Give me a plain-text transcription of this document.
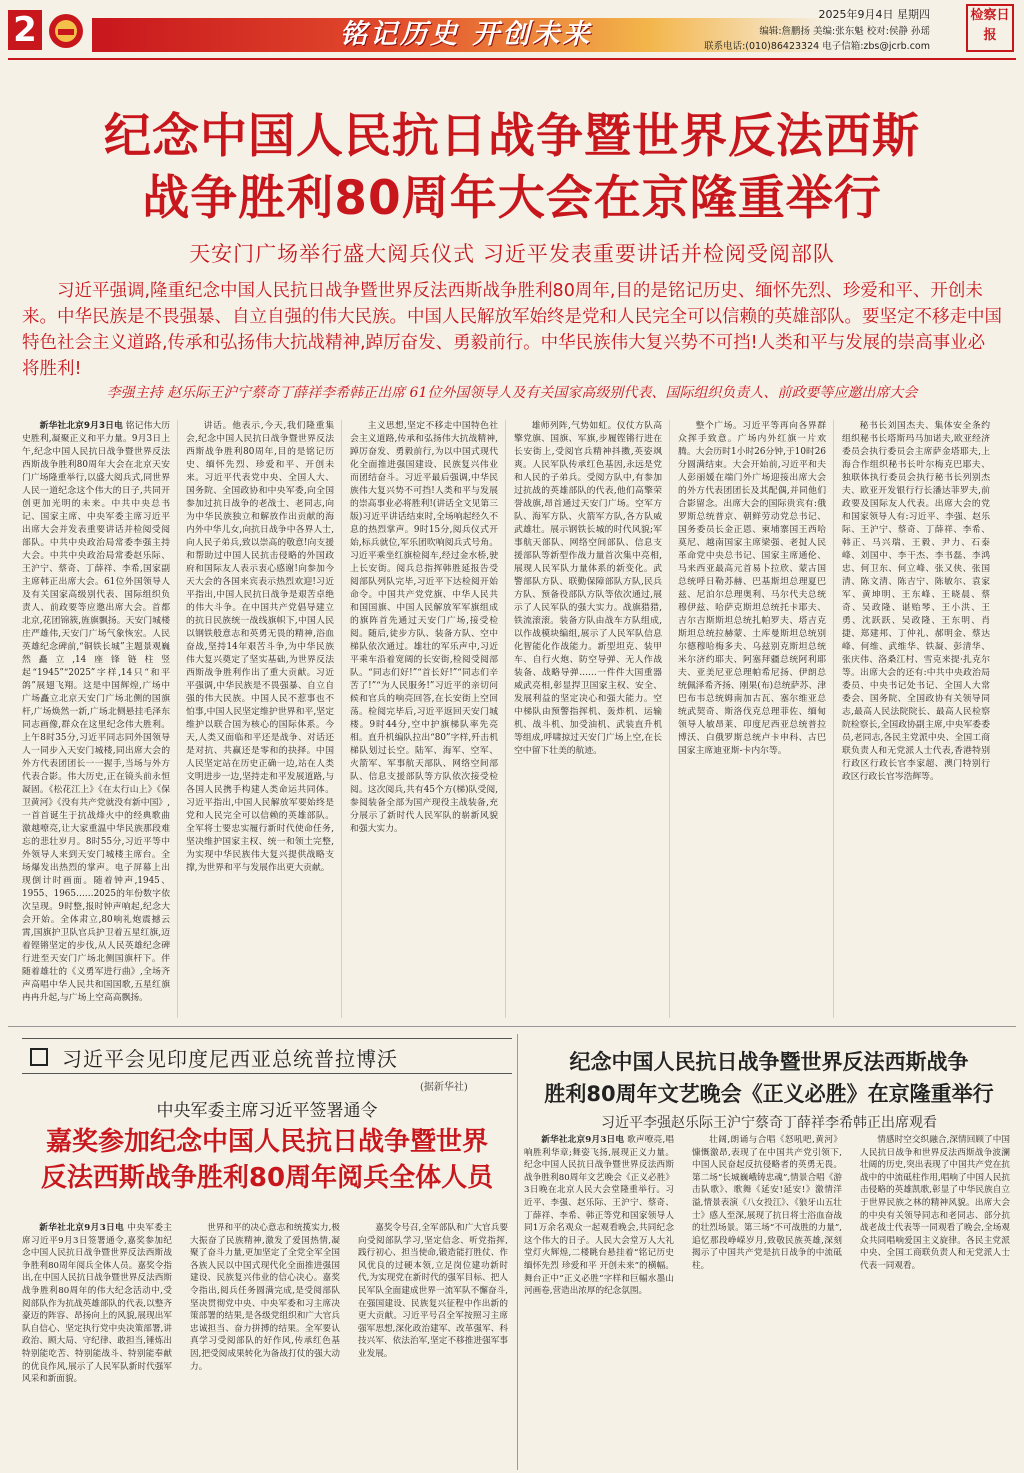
2	铭记历史 开创未来
2025年9月4日 星期四
编辑:詹鹏扬 美编:张东魁 校对:侯静 孙瑶
联系电话:(010)86423324 电子信箱:zbs@jcrb.com
检察日报
纪念中国人民抗日战争暨世界反法西斯
战争胜利80周年大会在京隆重举行
天安门广场举行盛大阅兵仪式 习近平发表重要讲话并检阅受阅部队

习近平强调,隆重纪念中国人民抗日战争暨世界反法西斯战争胜利80周年,目的是铭记历史、缅怀先烈、珍爱和平、开创未来。中华民族是不畏强暴、自立自强的伟大民族。中国人民解放军始终是党和人民完全可以信赖的英雄部队。要坚定不移走中国特色社会主义道路,传承和弘扬伟大抗战精神,踔厉奋发、勇毅前行。中华民族伟大复兴势不可挡!人类和平与发展的崇高事业必将胜利!

李强主持 赵乐际王沪宁蔡奇丁薛祥李希韩正出席 61位外国领导人及有关国家高级别代表、国际组织负责人、前政要等应邀出席大会

新华社北京9月3日电 铭记伟大历史胜利,凝聚正义和平力量。9月3日上午,纪念中国人民抗日战争暨世界反法西斯战争胜利80周年大会在北京天安门广场隆重举行,以盛大阅兵式,同世界人民一道纪念这个伟大的日子,共同开创更加光明的未来。中共中央总书记、国家主席、中央军委主席习近平出席大会并发表重要讲话并检阅受阅部队。中共中央政治局常委李强主持大会。中共中央政治局常委赵乐际、王沪宁、蔡奇、丁薛祥、李希,国家副主席韩正出席大会。61位外国领导人及有关国家高级别代表、国际组织负责人、前政要等应邀出席大会。首都北京,花团锦簇,旌旗飘扬。天安门城楼庄严雄伟,天安门广场气象恢宏。人民英雄纪念碑前,“铜铁长城”主题景观巍然矗立,14座锋链柱竖起“1945”“2025”字样,14只“和平鸽”展翅飞翔。这是中国辉煌,广场中广场矗立北京天安门广场北侧的国旗杆,广场焕然一新,广场北侧悬挂毛泽东同志画像,群众在这里纪念伟大胜利。上午8时35分,习近平同志同外国领导人一同步入天安门城楼,同出席大会的外方代表团团长一一握手,当场与外方代表合影。伟大历史,正在镜头前永恒凝固。《松花江上》《在太行山上》《保卫黄河》《没有共产党就没有新中国》,一首首诞生于抗战烽火中的经典歌曲激越嘹亮,让大家重温中华民族那段难忘的悲壮岁月。8时55分,习近平等中外领导人来到天安门城楼主席台。全场爆发出热烈的掌声。电子屏幕上出现倒计时画面。随着钟声,1945、1955、1965……2025的年份数字依次呈现。9时整,报时钟声响起,纪念大会开始。全体肃立,80响礼炮震撼云霄,国旗护卫队官兵护卫着五星红旗,迈着铿锵坚定的步伐,从人民英雄纪念碑行进至天安门广场北侧国旗杆下。伴随着雄壮的《义勇军进行曲》,全场齐声高唱中华人民共和国国歌,五星红旗冉冉升起,与广场上空高高飘扬。

讲话。他表示,今天,我们隆重集会,纪念中国人民抗日战争暨世界反法西斯战争胜利80周年,目的是铭记历史、缅怀先烈、珍爱和平、开创未来。习近平代表党中央、全国人大、国务院、全国政协和中央军委,向全国参加过抗日战争的老战士、老同志,向为中华民族独立和解放作出贡献的海内外中华儿女,向抗日战争中各界人士,向人民子弟兵,致以崇高的敬意!向支援和帮助过中国人民抗击侵略的外国政府和国际友人表示衷心感谢!向参加今天大会的各国来宾表示热烈欢迎!习近平指出,中国人民抗日战争是艰苦卓绝的伟大斗争。在中国共产党倡导建立的抗日民族统一战线旗帜下,中国人民以钢铁般意志和英勇无畏的精神,浴血奋战,坚持14年艰苦斗争,为中华民族伟大复兴奠定了坚实基础,为世界反法西斯战争胜利作出了重大贡献。习近平强调,中华民族是不畏强暴、自立自强的伟大民族。中国人民不惹事也不怕事,中国人民坚定维护世界和平,坚定维护以联合国为核心的国际体系。今天,人类又面临和平还是战争、对话还是对抗、共赢还是零和的抉择。中国人民坚定站在历史正确一边,站在人类文明进步一边,坚持走和平发展道路,与各国人民携手构建人类命运共同体。习近平指出,中国人民解放军要始终是党和人民完全可以信赖的英雄部队。全军将士要忠实履行新时代使命任务,坚决维护国家主权、统一和领土完整,为实现中华民族伟大复兴提供战略支撑,为世界和平与发展作出更大贡献。

主义思想,坚定不移走中国特色社会主义道路,传承和弘扬伟大抗战精神,踔厉奋发、勇毅前行,为以中国式现代化全面推进强国建设、民族复兴伟业而团结奋斗。习近平最后强调,中华民族伟大复兴势不可挡!人类和平与发展的崇高事业必将胜利!(讲话全文见第三版)习近平讲话结束时,全场响起经久不息的热烈掌声。9时15分,阅兵仪式开始,标兵就位,军乐团吹响阅兵式号角。习近平乘坐红旗检阅车,经过金水桥,驶上长安街。阅兵总指挥韩胜延报告受阅部队列队完毕,习近平下达检阅开始命令。中国共产党党旗、中华人民共和国国旗、中国人民解放军军旗组成的旗阵首先通过天安门广场,接受检阅。随后,徒步方队、装备方队、空中梯队依次通过。雄壮的军乐声中,习近平乘车沿着宽阔的长安街,检阅受阅部队。“同志们好!”“首长好!”“同志们辛苦了!”“为人民服务!”习近平的亲切问候和官兵的响亮回答,在长安街上空回荡。检阅完毕后,习近平返回天安门城楼。9时44分,空中护旗梯队率先亮相。直升机编队拉出“80”字样,歼击机梯队划过长空。陆军、海军、空军、火箭军、军事航天部队、网络空间部队、信息支援部队等方队依次接受检阅。这次阅兵,共有45个方(梯)队受阅,参阅装备全部为国产现役主战装备,充分展示了新时代人民军队的崭新风貌和强大实力。

雄师列阵,气势如虹。仪仗方队高擎党旗、国旗、军旗,步履铿锵行进在长安街上,受阅官兵精神抖擞,英姿飒爽。人民军队传承红色基因,永远是党和人民的子弟兵。受阅方队中,有参加过抗战的英雄部队的代表,他们高擎荣誉战旗,昂首通过天安门广场。空军方队、海军方队、火箭军方队,各方队威武雄壮。展示钢铁长城的时代风貌;军事航天部队、网络空间部队、信息支援部队等新型作战力量首次集中亮相,展现人民军队力量体系的新变化。武警部队方队、联勤保障部队方队,民兵方队、预备役部队方队等依次通过,展示了人民军队的强大实力。战旗猎猎,铁流滚滚。装备方队由战车方队组成,以作战模块编组,展示了人民军队信息化智能化作战能力。新型坦克、装甲车、自行火炮、防空导弹、无人作战装备、战略导弹……一件件大国重器威武亮相,彰显捍卫国家主权、安全、发展利益的坚定决心和强大能力。空中梯队由预警指挥机、轰炸机、运输机、战斗机、加受油机、武装直升机等组成,呼啸掠过天安门广场上空,在长空中留下壮美的航迹。

整个广场。习近平等再向各界群众挥手致意。广场内外红旗一片欢腾。大会历时1小时26分钟,于10时26分圆满结束。大会开始前,习近平和夫人彭丽媛在端门外广场迎接出席大会的外方代表团团长及其配偶,并同他们合影留念。出席大会的国际贵宾有:俄罗斯总统普京、朝鲜劳动党总书记、国务委员长金正恩、柬埔寨国王西哈莫尼、越南国家主席梁强、老挝人民革命党中央总书记、国家主席通伦、马来西亚最高元首易卜拉欣、蒙古国总统呼日勒苏赫、巴基斯坦总理夏巴兹、尼泊尔总理奥利、马尔代夫总统穆伊兹、哈萨克斯坦总统托卡耶夫、吉尔吉斯斯坦总统扎帕罗夫、塔吉克斯坦总统拉赫蒙、土库曼斯坦总统别尔德穆哈梅多夫、乌兹别克斯坦总统米尔济约耶夫、阿塞拜疆总统阿利耶夫、亚美尼亚总理帕希尼扬、伊朗总统佩泽希齐扬、刚果(布)总统萨苏、津巴布韦总统姆南加古瓦、塞尔维亚总统武契奇、斯洛伐克总理菲佐、缅甸领导人敏昂莱、印度尼西亚总统普拉博沃、白俄罗斯总统卢卡申科、古巴国家主席迪亚斯-卡内尔等。

秘书长刘国杰夫、集体安全条约组织秘书长塔斯玛马加诺夫,欧亚经济委员会执行委员会主席萨金塔耶夫,上海合作组织秘书长叶尔梅克巴耶夫、独联体执行委员会执行秘书长列别杰夫、欧亚开发银行行长潘达菲罗夫,前政要及国际友人代表。出席大会的党和国家领导人有:习近平、李强、赵乐际、王沪宁、蔡奇、丁薛祥、李希、韩正、马兴瑞、王毅、尹力、石泰峰、刘国中、李干杰、李书磊、李鸿忠、何卫东、何立峰、张又侠、张国清、陈文清、陈吉宁、陈敏尔、袁家军、黄坤明、王东峰、王晓晨、蔡奇、吴政隆、谌贻琴、王小洪、王勇、沈跃跃、吴政隆、王东明、肖捷、郑建邦、丁仲礼、郝明金、蔡达峰、何维、武维华、铁凝、彭清华、张庆伟、洛桑江村、雪克来提·扎克尔等。出席大会的还有:中共中央政治局委员、中央书记处书记、全国人大常委会、国务院、全国政协有关领导同志,最高人民法院院长、最高人民检察院检察长,全国政协副主席,中央军委委员,老同志,各民主党派中央、全国工商联负责人和无党派人士代表,香港特别行政区行政长官李家超、澳门特别行政区行政长官岑浩辉等。

习近平会见印度尼西亚总统普拉博沃
(据新华社)
中央军委主席习近平签署通令
嘉奖参加纪念中国人民抗日战争暨世界
反法西斯战争胜利80周年阅兵全体人员

新华社北京9月3日电 中央军委主席习近平9月3日签署通令,嘉奖参加纪念中国人民抗日战争暨世界反法西斯战争胜利80周年阅兵全体人员。嘉奖令指出,在中国人民抗日战争暨世界反法西斯战争胜利80周年的伟大纪念活动中,受阅部队作为抗战英雄部队的代表,以整齐豪迈的阵容、昂扬向上的风貌,展现出军队自信心、坚定执行党中央决策部署,讲政治、顾大局、守纪律、敢担当,锤炼出特别能吃苦、特别能战斗、特别能奉献的优良作风,展示了人民军队新时代强军风采和新面貌。

世界和平的决心意志和统揽实力,极大振奋了民族精神,激发了爱国热情,凝聚了奋斗力量,更加坚定了全党全军全国各族人民以中国式现代化全面推进强国建设、民族复兴伟业的信心决心。嘉奖令指出,阅兵任务圆满完成,是受阅部队坚决贯彻党中央、中央军委和习主席决策部署的结果,是各级党组织和广大官兵忠诚担当、奋力拼搏的结果。全军要认真学习受阅部队的好作风,传承红色基因,把受阅成果转化为备战打仗的强大动力。

嘉奖令号召,全军部队和广大官兵要向受阅部队学习,坚定信念、听党指挥,践行初心、担当使命,锻造能打胜仗、作风优良的过硬本领,立足岗位建功新时代,为实现党在新时代的强军目标、把人民军队全面建成世界一流军队不懈奋斗,在强国建设、民族复兴征程中作出新的更大贡献。习近平号召全军按照习主席强军思想,深化政治建军、改革强军、科技兴军、依法治军,坚定不移推进强军事业发展。

纪念中国人民抗日战争暨世界反法西斯战争
胜利80周年文艺晚会《正义必胜》在京隆重举行
习近平李强赵乐际王沪宁蔡奇丁薛祥李希韩正出席观看

新华社北京9月3日电 歌声嘹亮,唱响胜利华章;舞姿飞扬,展现正义力量。纪念中国人民抗日战争暨世界反法西斯战争胜利80周年文艺晚会《正义必胜》3日晚在北京人民大会堂隆重举行。习近平、李强、赵乐际、王沪宁、蔡奇、丁薛祥、李希、韩正等党和国家领导人同1万余名观众一起观看晚会,共同纪念这个伟大的日子。人民大会堂万人大礼堂灯火辉煌,二楼眺台悬挂着“铭记历史 缅怀先烈 珍爱和平 开创未来”的横幅。舞台正中“正义必胜”字样和巨幅水墨山河画卷,营造出浓厚的纪念氛围。

壮阔,朗诵与合唱《怒吼吧,黄河》慷慨激昂,表现了在中国共产党引领下,中国人民奋起反抗侵略者的英勇无畏。第二场“长城巍峨铸忠魂”,情景合唱《游击队歌》、歌舞《延安!延安!》激情洋溢,情景表演《八女投江》、《狼牙山五壮士》感人至深,展现了抗日将士浴血奋战的壮烈场景。第三场“不可战胜的力量”,追忆那段峥嵘岁月,致敬民族英雄,深刻揭示了中国共产党是抗日战争的中流砥柱。

情感时空交织融合,深情回顾了中国人民抗日战争和世界反法西斯战争波澜壮阔的历史,突出表现了中国共产党在抗战中的中流砥柱作用,唱响了中国人民抗击侵略的英雄凯歌,彰显了中华民族自立于世界民族之林的精神风貌。出席大会的中央有关领导同志和老同志、部分抗战老战士代表等一同观看了晚会,全场观众共同唱响爱国主义旋律。各民主党派中央、全国工商联负责人和无党派人士代表一同观看。
